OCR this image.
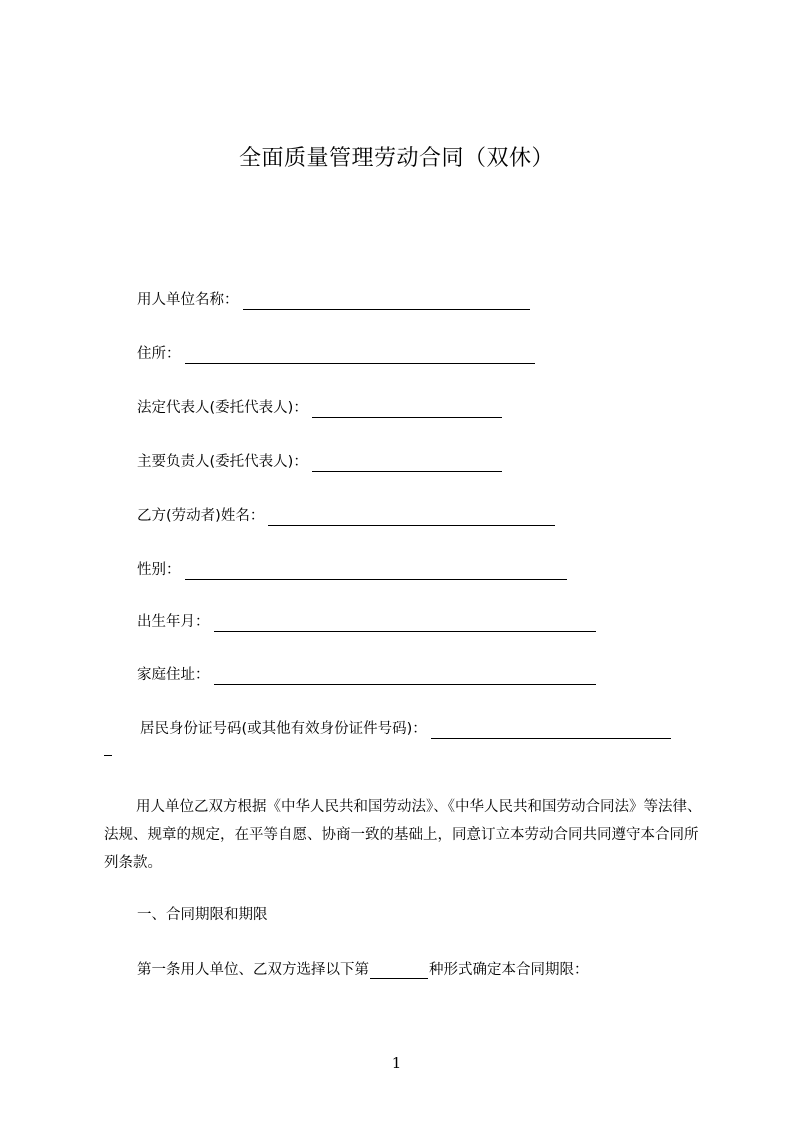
全面质量管理劳动合同（双休）
用人单位名称：
住所：
法定代表人(委托代表人)：
主要负责人(委托代表人)：
乙方(劳动者)姓名：
性别：
出生年月：
家庭住址：
居民身份证号码(或其他有效身份证件号码)：
用人单位乙双方根据《中华人民共和国劳动法》、《中华人民共和国劳动合同法》等法律、法规、规章的规定，在平等自愿、协商一致的基础上，同意订立本劳动合同共同遵守本合同所列条款。
一、合同期限和期限
第一条用人单位、乙双方选择以下第	种形式确定本合同期限：
1
